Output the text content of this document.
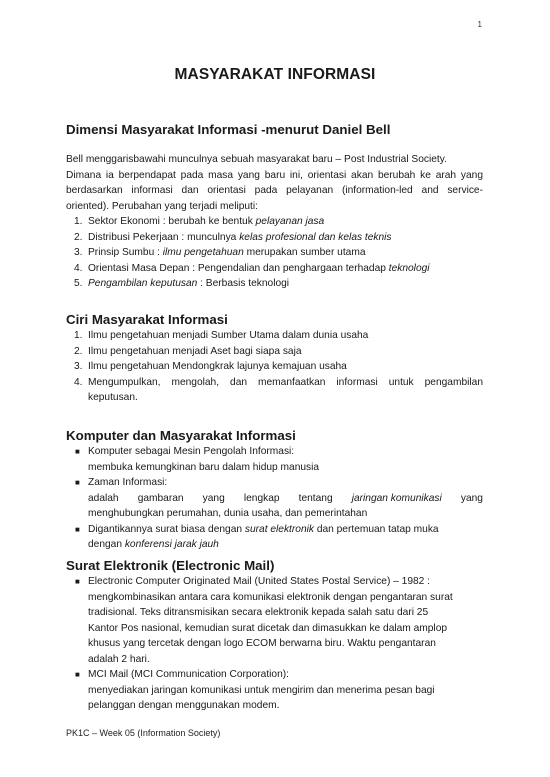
1
MASYARAKAT INFORMASI
Dimensi Masyarakat Informasi -menurut Daniel Bell
Bell menggarisbawahi munculnya sebuah masyarakat baru – Post Industrial Society.
Dimana ia berpendapat pada masa yang baru ini, orientasi akan berubah ke arah yang
berdasarkan informasi dan orientasi pada pelayanan (information-led and service-
oriented). Perubahan yang terjadi meliputi:
1. Sektor Ekonomi : berubah ke bentuk pelayanan jasa
2. Distribusi Pekerjaan : munculnya kelas profesional dan kelas teknis
3. Prinsip Sumbu : ilmu pengetahuan merupakan sumber utama
4. Orientasi Masa Depan : Pengendalian dan penghargaan terhadap teknologi
5. Pengambilan keputusan : Berbasis teknologi
Ciri Masyarakat Informasi
1. Ilmu pengetahuan menjadi Sumber Utama dalam dunia usaha
2. Ilmu pengetahuan menjadi Aset bagi siapa saja
3. Ilmu pengetahuan Mendongkrak lajunya kemajuan usaha
4. Mengumpulkan, mengolah, dan memanfaatkan informasi untuk pengambilan
keputusan.
Komputer dan Masyarakat Informasi
■ Komputer sebagai Mesin Pengolah Informasi:
membuka kemungkinan baru dalam hidup manusia
■ Zaman Informasi:
adalah gambaran yang lengkap tentang jaringan komunikasi yang
menghubungkan perumahan, dunia usaha, dan pemerintahan
■ Digantikannya surat biasa dengan surat elektronik dan pertemuan tatap muka
dengan konferensi jarak jauh
Surat Elektronik (Electronic Mail)
■ Electronic Computer Originated Mail (United States Postal Service) – 1982 :
mengkombinasikan antara cara komunikasi elektronik dengan pengantaran surat
tradisional. Teks ditransmisikan secara elektronik kepada salah satu dari 25
Kantor Pos nasional, kemudian surat dicetak dan dimasukkan ke dalam amplop
khusus yang tercetak dengan logo ECOM berwarna biru. Waktu pengantaran
adalah 2 hari.
■ MCI Mail (MCI Communication Corporation):
menyediakan jaringan komunikasi untuk mengirim dan menerima pesan bagi
pelanggan dengan menggunakan modem.
PK1C – Week 05 (Information Society)
